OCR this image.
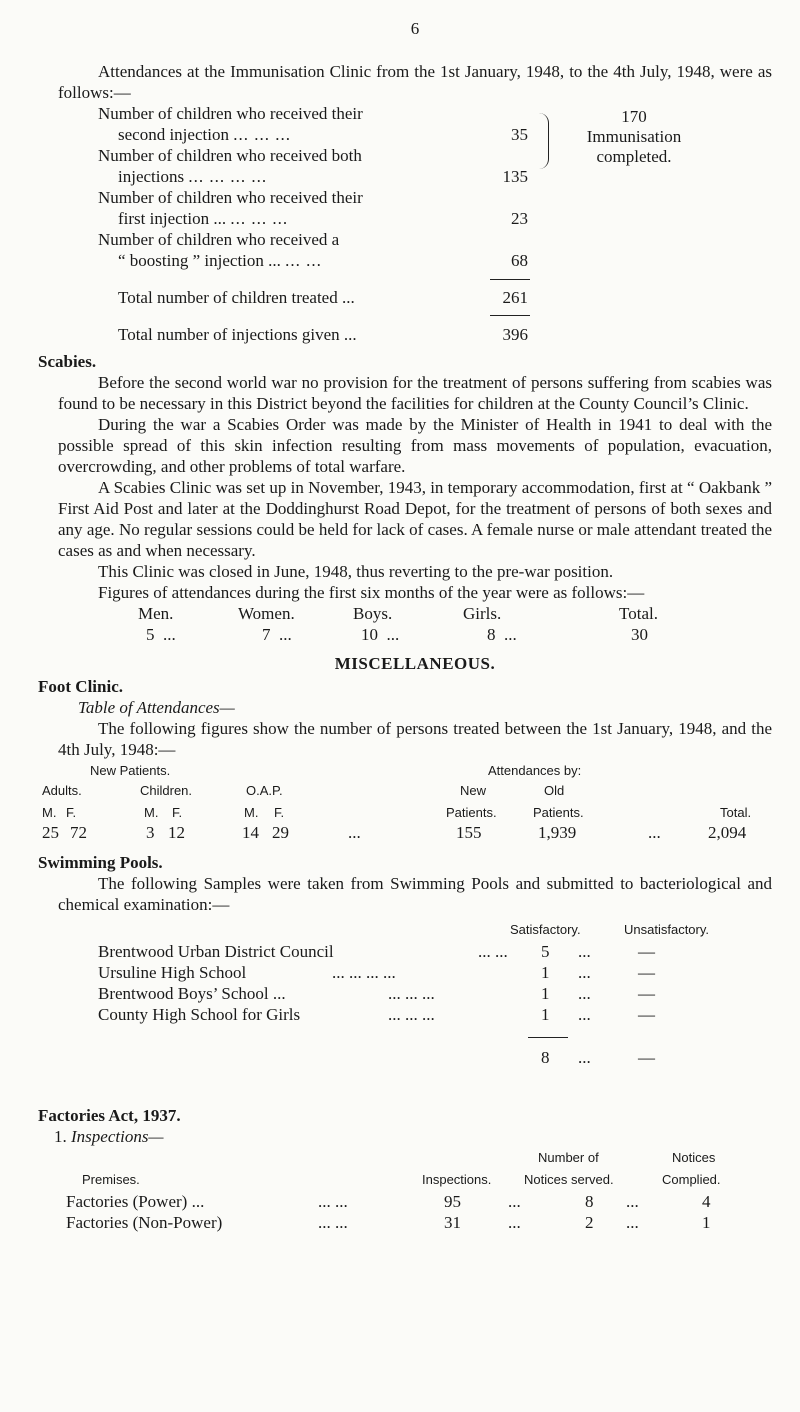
6

Attendances at the Immunisation Clinic from the 1st January, 1948, to the 4th July, 1948, were as follows:—

Number of children who received their
second injection ... ... ...	35
Number of children who received both
injections ... ... ... ...	135
170
Immunisation
completed.
Number of children who received their
first injection ... ... ... ...	23
Number of children who received a
“ boosting ” injection ... ... ...	68
Total number of children treated ...	261
Total number of injections given ...	396
Scabies.

Before the second world war no provision for the treatment of persons suffering from scabies was found to be necessary in this District beyond the facilities for children at the County Council’s Clinic.

During the war a Scabies Order was made by the Minister of Health in 1941 to deal with the possible spread of this skin infection resulting from mass movements of population, evacuation, overcrowding, and other problems of total warfare.

A Scabies Clinic was set up in November, 1943, in temporary accommodation, first at “ Oakbank ” First Aid Post and later at the Doddinghurst Road Depot, for the treatment of persons of both sexes and any age. No regular sessions could be held for lack of cases. A female nurse or male attendant treated the cases as and when necessary.

This Clinic was closed in June, 1948, thus reverting to the pre-war position.

Figures of attendances during the first six months of the year were as follows:—

Men.	Women.	Boys.	Girls.	Total.
5 ...	7 ...	10 ...	8 ...	30
MISCELLANEOUS.
Foot Clinic.
Table of Attendances—

The following figures show the number of persons treated between the 1st January, 1948, and the 4th July, 1948:—

New Patients.	Attendances by:
Adults.	Children.	O.A.P.	New	Old
M. F.	M. F.	M. F.	Patients.	Patients.	Total.
25 72	3 12	14 29	...	155	1,939	...	2,094
Swimming Pools.

The following Samples were taken from Swimming Pools and submitted to bacteriological and chemical examination:—

Satisfactory.	Unsatisfactory.
Brentwood Urban District Council	... ... 5 ...	—
Ursuline High School	... ... ... ...	1 ...	—
Brentwood Boys’ School ...	... ... ...	1 ...	—
County High School for Girls	... ... ...	1 ...	—
8 ...	—
Factories Act, 1937.
1. Inspections—
Number of	Notices
Premises.	Inspections.	Notices served.	Complied.
Factories (Power) ...	... ...	95	...	8 ...	4
Factories (Non-Power)	... ...	31	...	2 ...	1
